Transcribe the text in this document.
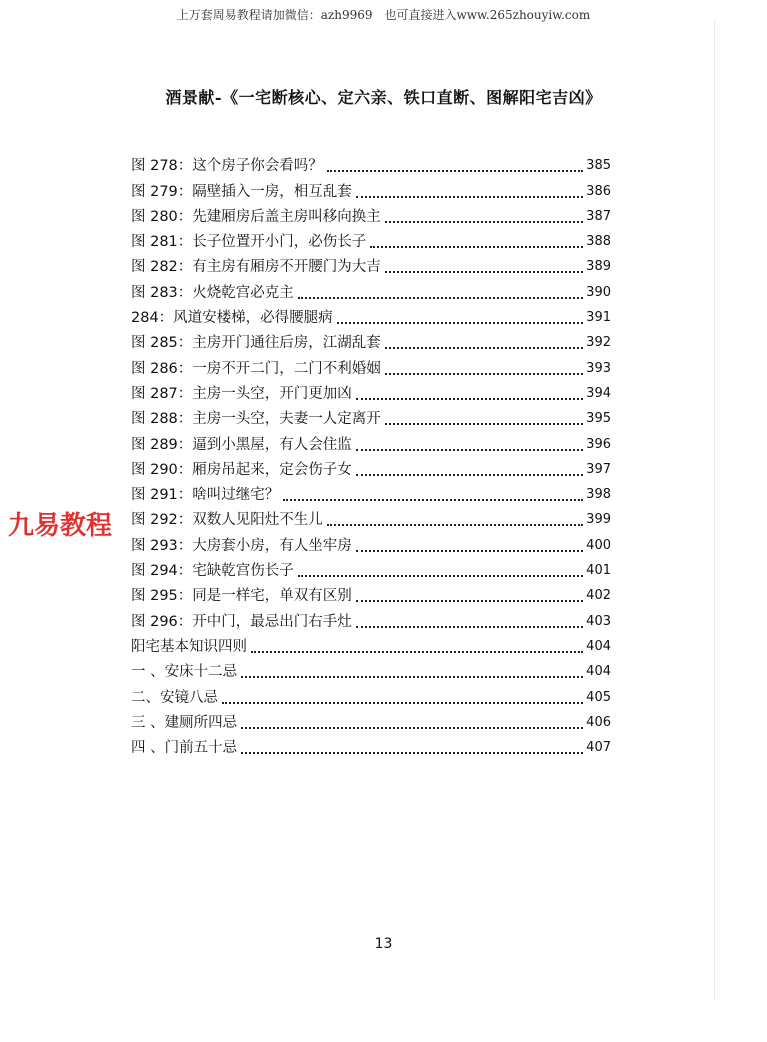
上万套周易教程请加微信：azh9969　也可直接进入www.265zhouyiw.com
酒景献-《一宅断核心、定六亲、铁口直断、图解阳宅吉凶》
图 278：这个房子你会看吗？	385
图 279：隔壁插入一房，相互乱套	386
图 280：先建厢房后盖主房叫移向换主	387
图 281：长子位置开小门，必伤长子	388
图 282：有主房有厢房不开腰门为大吉	389
图 283：火烧乾宫必克主	390
284：风道安楼梯，必得腰腿病	391
图 285：主房开门通往后房，江湖乱套	392
图 286：一房不开二门，二门不利婚姻	393
图 287：主房一头空，开门更加凶	394
图 288：主房一头空，夫妻一人定离开	395
图 289：逼到小黑屋，有人会住监	396
图 290：厢房吊起来，定会伤子女	397
图 291：啥叫过继宅？	398
图 292：双数人见阳灶不生儿	399
图 293：大房套小房，有人坐牢房	400
图 294：宅缺乾宫伤长子	401
图 295：同是一样宅，单双有区别	402
图 296：开中门，最忌出门右手灶	403
阳宅基本知识四则	404
一 、安床十二忌	404
二、安镜八忌	405
三 、建厕所四忌	406
四 、门前五十忌	407
九易教程
13
